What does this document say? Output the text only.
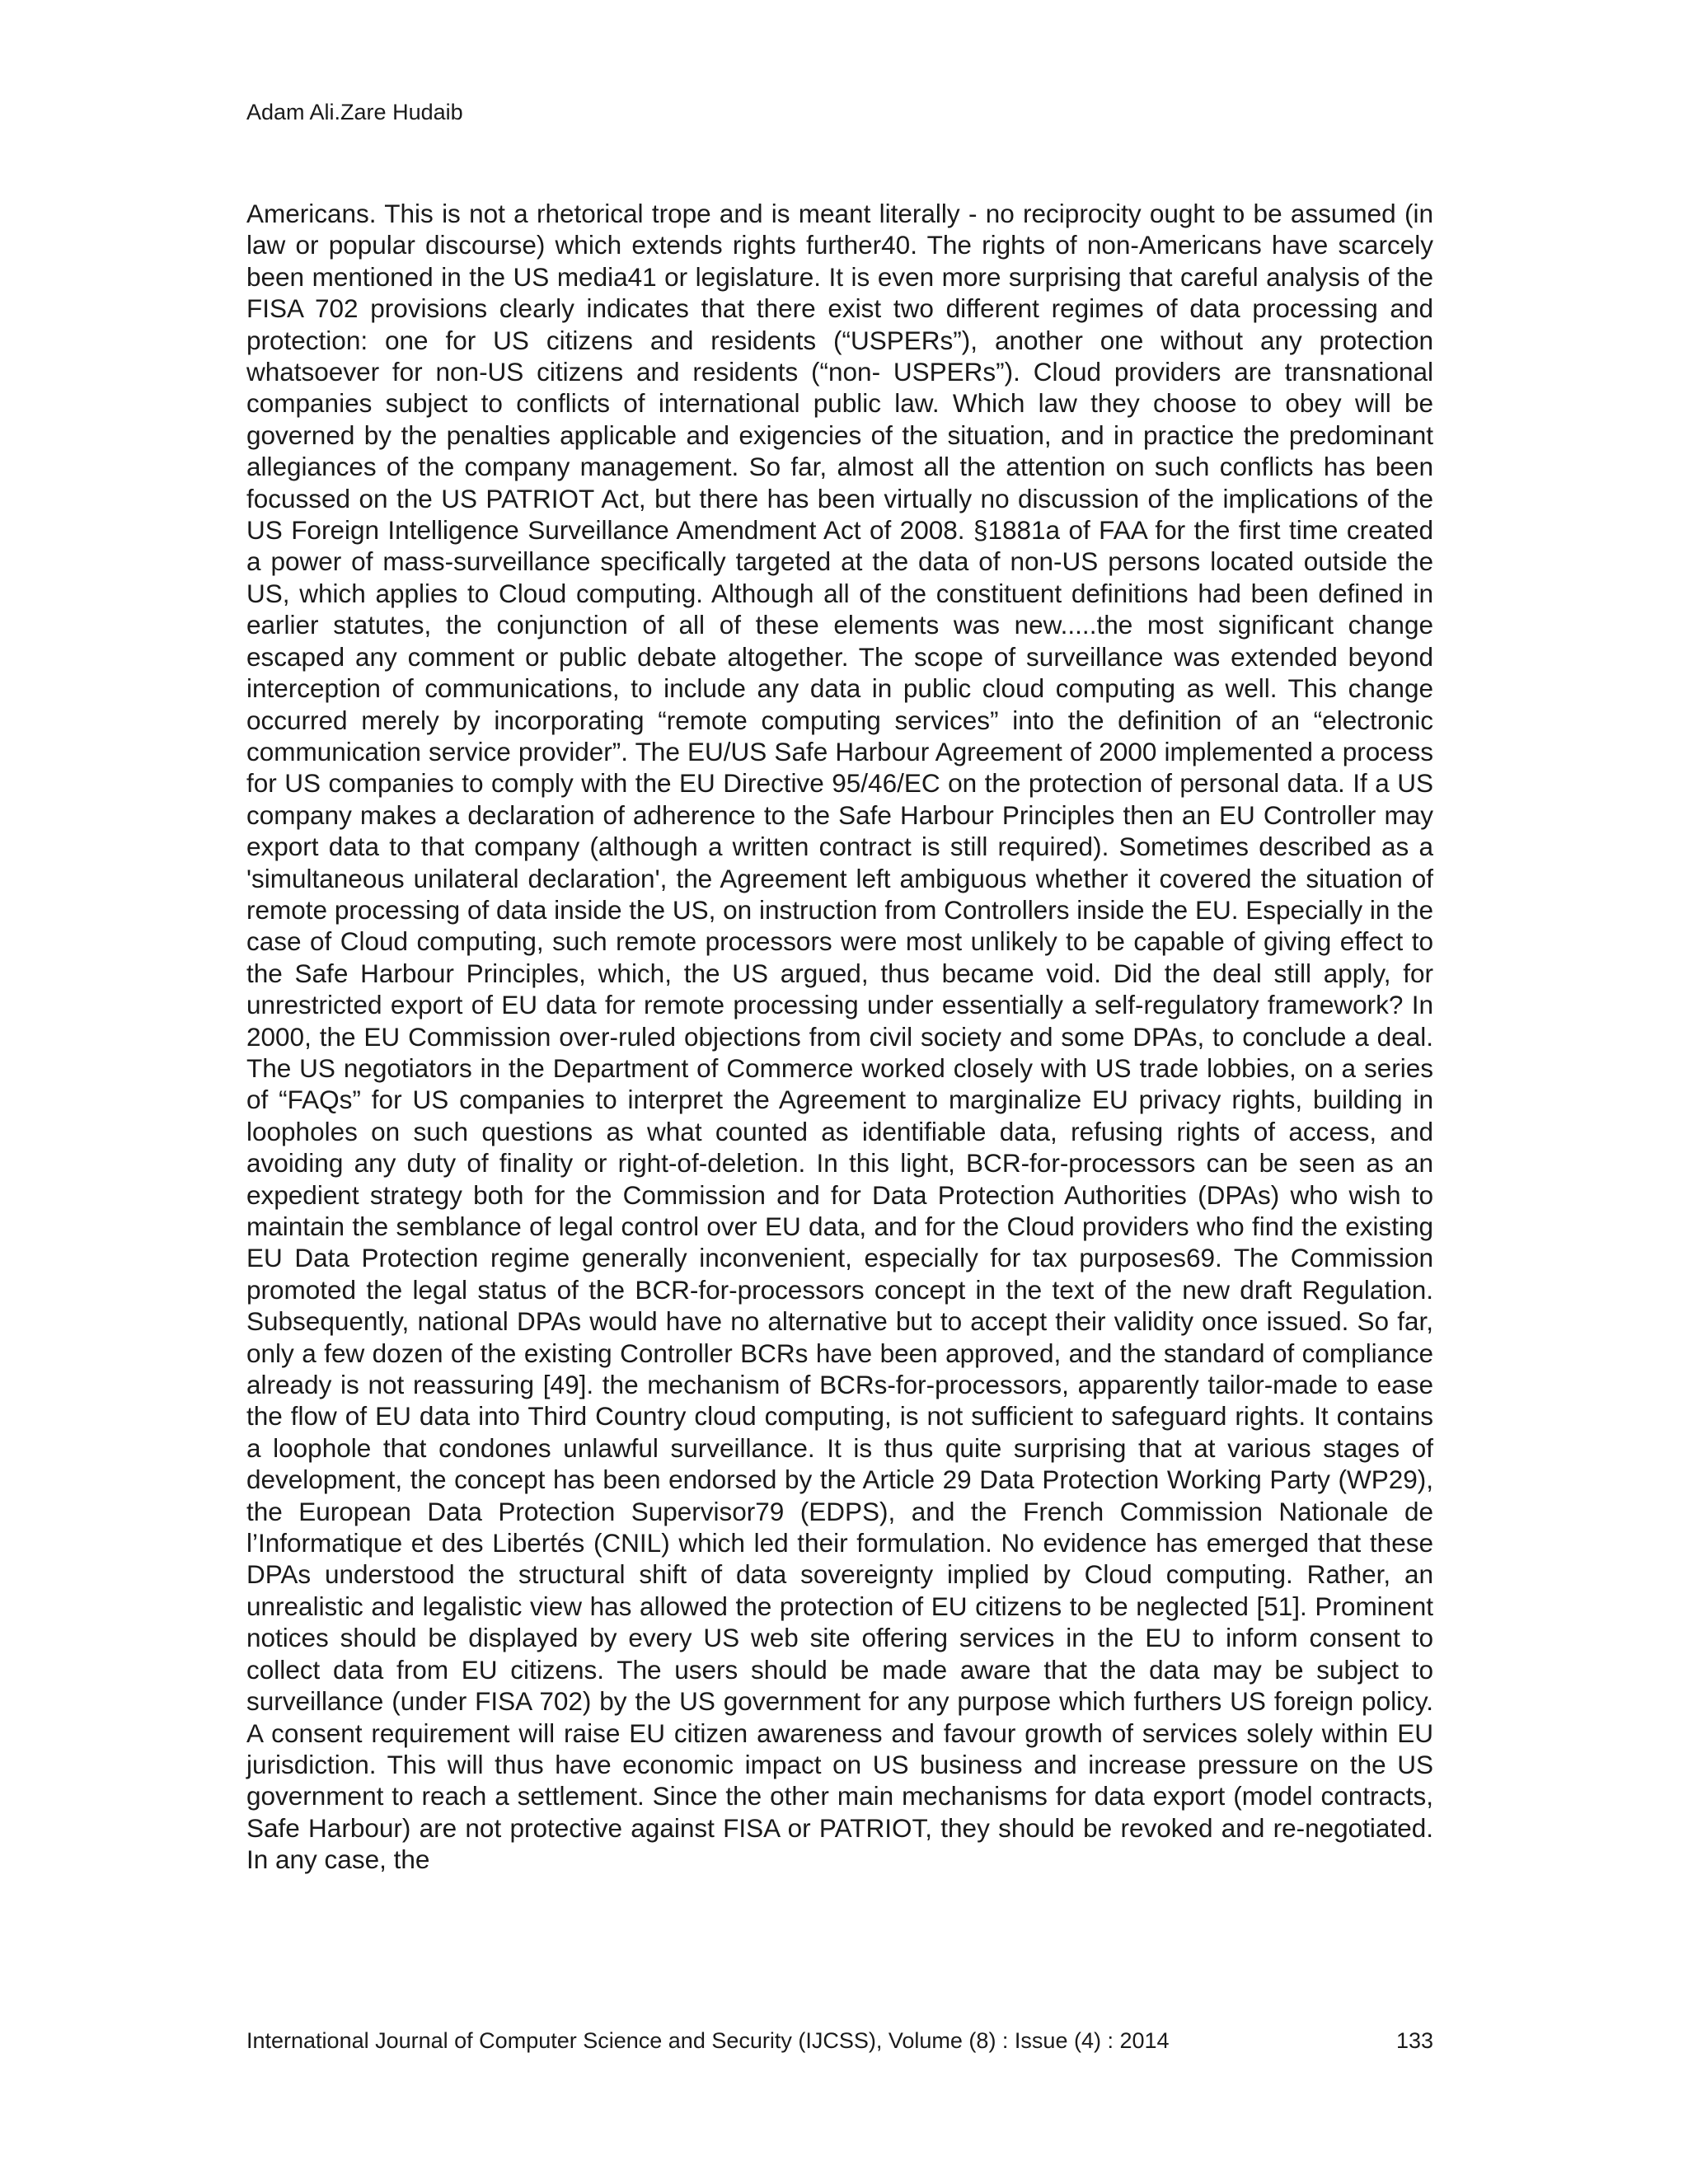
Adam Ali.Zare Hudaib

Americans. This is not a rhetorical trope and is meant literally - no reciprocity ought to be assumed (in law or popular discourse) which extends rights further40. The rights of non-Americans have scarcely been mentioned in the US media41 or legislature. It is even more surprising that careful analysis of the FISA 702 provisions clearly indicates that there exist two different regimes of data processing and protection: one for US citizens and residents (“USPERs”), another one without any protection whatsoever for non-US citizens and residents (“non- USPERs”). Cloud providers are transnational companies subject to conflicts of international public law. Which law they choose to obey will be governed by the penalties applicable and exigencies of the situation, and in practice the predominant allegiances of the company management. So far, almost all the attention on such conflicts has been focussed on the US PATRIOT Act, but there has been virtually no discussion of the implications of the US Foreign Intelligence Surveillance Amendment Act of 2008. §1881a of FAA for the first time created a power of mass-surveillance specifically targeted at the data of non-US persons located outside the US, which applies to Cloud computing. Although all of the constituent definitions had been defined in earlier statutes, the conjunction of all of these elements was new.....the most significant change escaped any comment or public debate altogether. The scope of surveillance was extended beyond interception of communications, to include any data in public cloud computing as well. This change occurred merely by incorporating “remote computing services” into the definition of an “electronic communication service provider”. The EU/US Safe Harbour Agreement of 2000 implemented a process for US companies to comply with the EU Directive 95/46/EC on the protection of personal data. If a US company makes a declaration of adherence to the Safe Harbour Principles then an EU Controller may export data to that company (although a written contract is still required). Sometimes described as a 'simultaneous unilateral declaration', the Agreement left ambiguous whether it covered the situation of remote processing of data inside the US, on instruction from Controllers inside the EU. Especially in the case of Cloud computing, such remote processors were most unlikely to be capable of giving effect to the Safe Harbour Principles, which, the US argued, thus became void. Did the deal still apply, for unrestricted export of EU data for remote processing under essentially a self-regulatory framework? In 2000, the EU Commission over-ruled objections from civil society and some DPAs, to conclude a deal. The US negotiators in the Department of Commerce worked closely with US trade lobbies, on a series of “FAQs” for US companies to interpret the Agreement to marginalize EU privacy rights, building in loopholes on such questions as what counted as identifiable data, refusing rights of access, and avoiding any duty of finality or right-of-deletion. In this light, BCR-for-processors can be seen as an expedient strategy both for the Commission and for Data Protection Authorities (DPAs) who wish to maintain the semblance of legal control over EU data, and for the Cloud providers who find the existing EU Data Protection regime generally inconvenient, especially for tax purposes69. The Commission promoted the legal status of the BCR-for-processors concept in the text of the new draft Regulation. Subsequently, national DPAs would have no alternative but to accept their validity once issued. So far, only a few dozen of the existing Controller BCRs have been approved, and the standard of compliance already is not reassuring [49]. the mechanism of BCRs-for-processors, apparently tailor-made to ease the flow of EU data into Third Country cloud computing, is not sufficient to safeguard rights. It contains a loophole that condones unlawful surveillance. It is thus quite surprising that at various stages of development, the concept has been endorsed by the Article 29 Data Protection Working Party (WP29), the European Data Protection Supervisor79 (EDPS), and the French Commission Nationale de l’Informatique et des Libertés (CNIL) which led their formulation. No evidence has emerged that these DPAs understood the structural shift of data sovereignty implied by Cloud computing. Rather, an unrealistic and legalistic view has allowed the protection of EU citizens to be neglected [51]. Prominent notices should be displayed by every US web site offering services in the EU to inform consent to collect data from EU citizens. The users should be made aware that the data may be subject to surveillance (under FISA 702) by the US government for any purpose which furthers US foreign policy. A consent requirement will raise EU citizen awareness and favour growth of services solely within EU jurisdiction. This will thus have economic impact on US business and increase pressure on the US government to reach a settlement. Since the other main mechanisms for data export (model contracts, Safe Harbour) are not protective against FISA or PATRIOT, they should be revoked and re-negotiated. In any case, the

International Journal of Computer Science and Security (IJCSS), Volume (8) : Issue (4) : 2014	133
